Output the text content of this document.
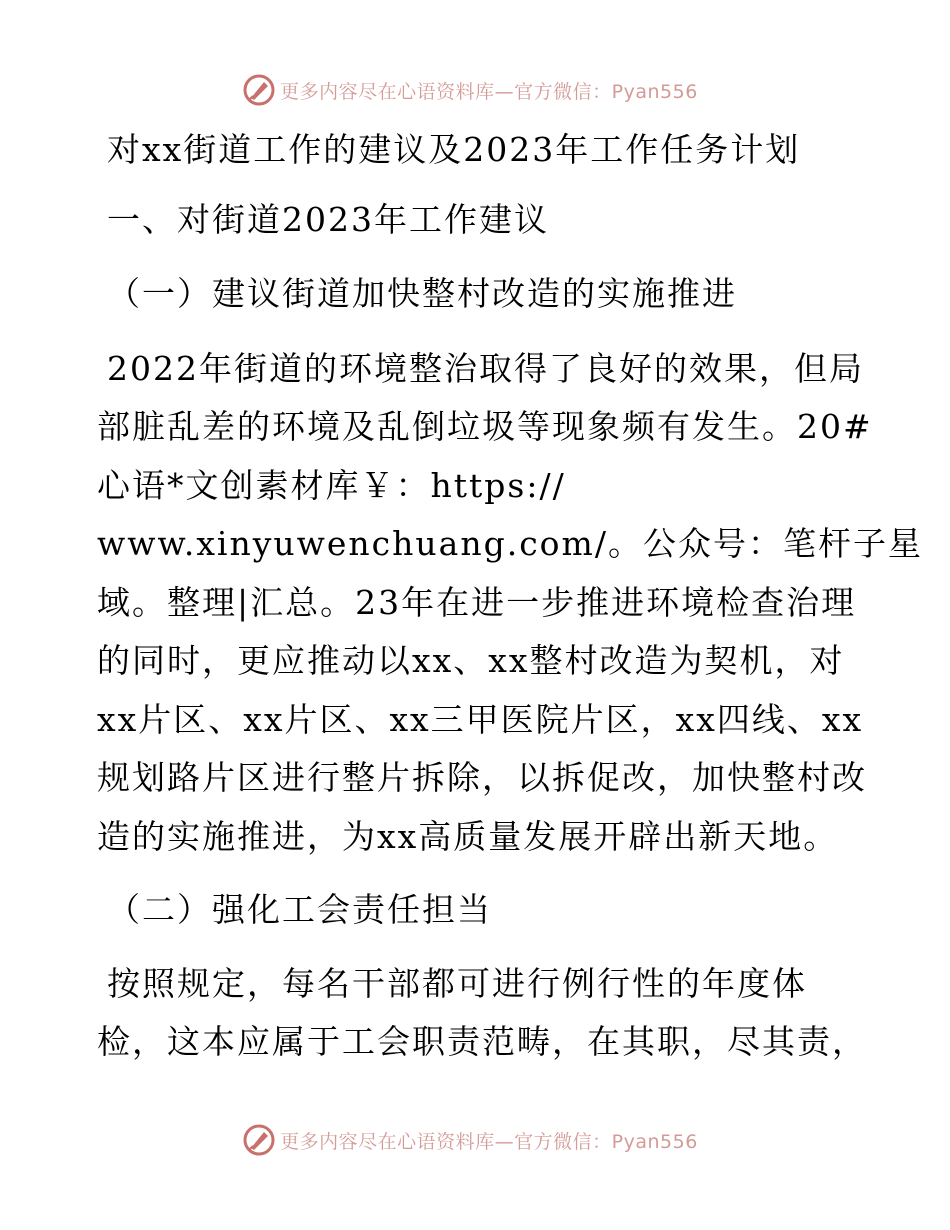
更多内容尽在心语资料库—官方微信：Pyan556

对xx街道工作的建议及2023年工作任务计划

一、对街道2023年工作建议

（一）建议街道加快整村改造的实施推进

2022年街道的环境整治取得了良好的效果，但局

部脏乱差的环境及乱倒垃圾等现象频有发生。20#

心语*文创素材库￥：https://

www.xinyuwenchuang.com/。公众号：笔杆子星

域。整理|汇总。23年在进一步推进环境检查治理

的同时，更应推动以xx、xx整村改造为契机，对

xx片区、xx片区、xx三甲医院片区，xx四线、xx

规划路片区进行整片拆除，以拆促改，加快整村改

造的实施推进，为xx高质量发展开辟出新天地。

（二）强化工会责任担当

按照规定，每名干部都可进行例行性的年度体

检，这本应属于工会职责范畴，在其职，尽其责，

更多内容尽在心语资料库—官方微信：Pyan556
